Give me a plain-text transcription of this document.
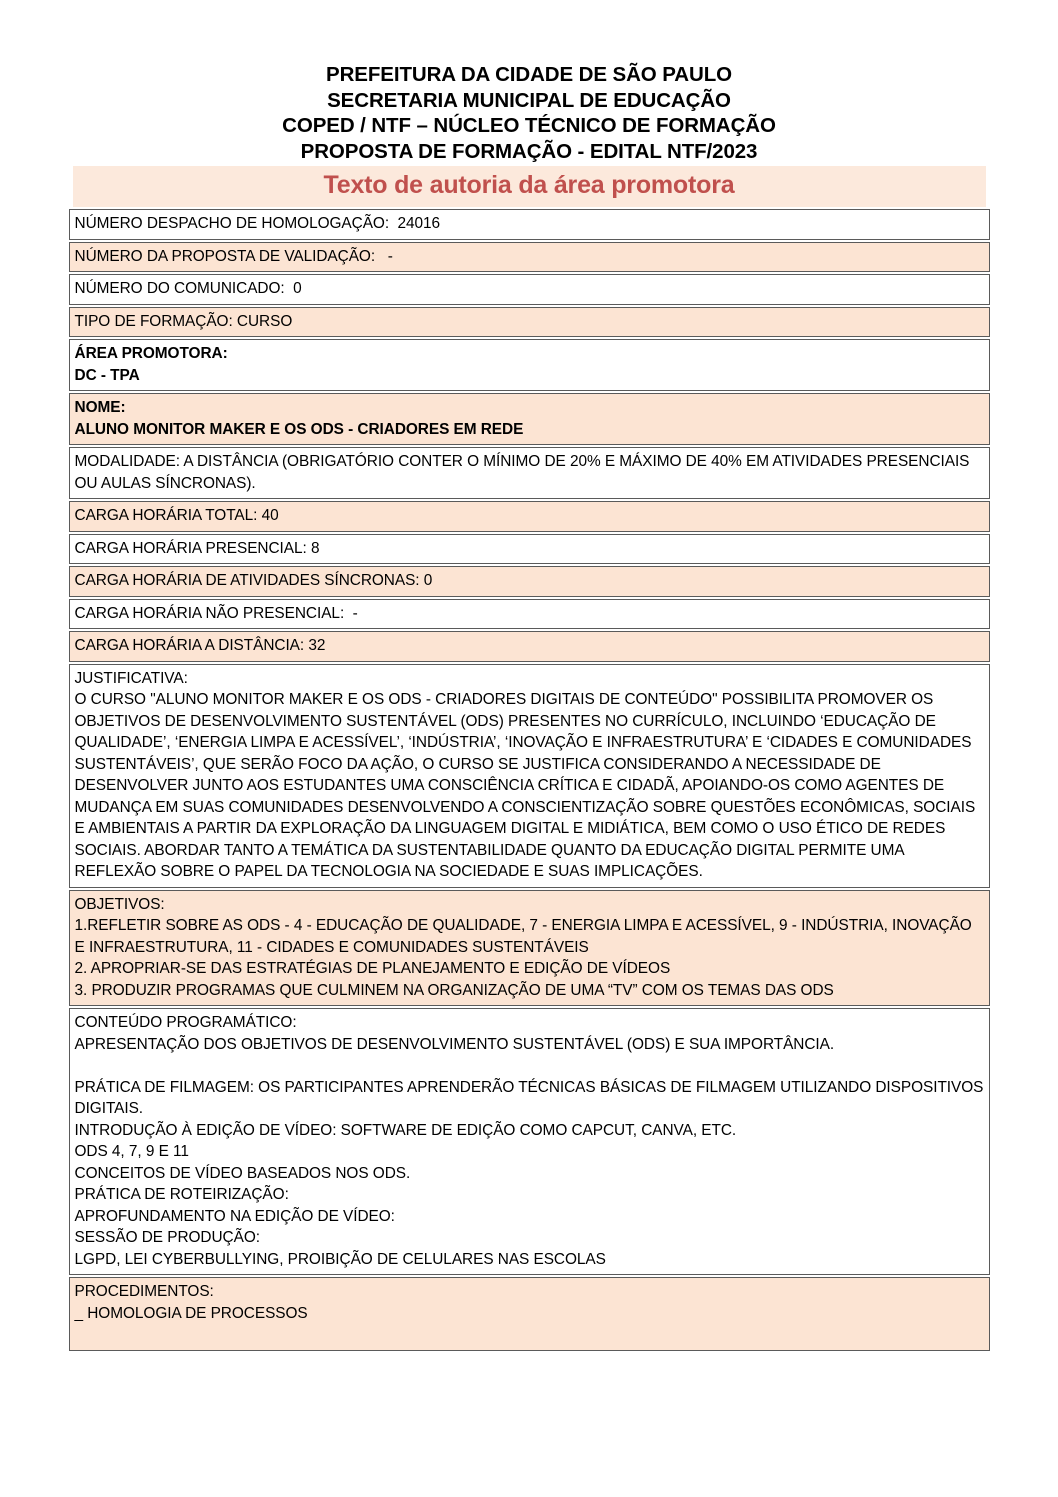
PREFEITURA DA CIDADE DE SÃO PAULO
SECRETARIA MUNICIPAL DE EDUCAÇÃO
COPED / NTF – NÚCLEO TÉCNICO DE FORMAÇÃO
PROPOSTA DE FORMAÇÃO - EDITAL NTF/2023
Texto de autoria da área promotora
NÚMERO DESPACHO DE HOMOLOGAÇÃO:  24016

NÚMERO DA PROPOSTA DE VALIDAÇÃO:   -

NÚMERO DO COMUNICADO:  0

TIPO DE FORMAÇÃO: CURSO

ÁREA PROMOTORA:
DC - TPA

NOME:
ALUNO MONITOR MAKER E OS ODS - CRIADORES EM REDE

MODALIDADE: A DISTÂNCIA (OBRIGATÓRIO CONTER O MÍNIMO DE 20% E MÁXIMO DE 40% EM ATIVIDADES PRESENCIAIS OU AULAS SÍNCRONAS).

CARGA HORÁRIA TOTAL: 40

CARGA HORÁRIA PRESENCIAL: 8

CARGA HORÁRIA DE ATIVIDADES SÍNCRONAS: 0

CARGA HORÁRIA NÃO PRESENCIAL:  -

CARGA HORÁRIA A DISTÂNCIA: 32

JUSTIFICATIVA:
O CURSO "ALUNO MONITOR MAKER E OS ODS - CRIADORES DIGITAIS DE CONTEÚDO" POSSIBILITA PROMOVER OS OBJETIVOS DE DESENVOLVIMENTO SUSTENTÁVEL (ODS) PRESENTES NO CURRÍCULO, INCLUINDO ‘EDUCAÇÃO DE QUALIDADE’, ‘ENERGIA LIMPA E ACESSÍVEL’, ‘INDÚSTRIA’, ‘INOVAÇÃO E INFRAESTRUTURA’ E ‘CIDADES E COMUNIDADES SUSTENTÁVEIS’, QUE SERÃO FOCO DA AÇÃO, O CURSO SE JUSTIFICA CONSIDERANDO A NECESSIDADE DE DESENVOLVER JUNTO AOS ESTUDANTES UMA CONSCIÊNCIA CRÍTICA E CIDADÃ, APOIANDO-OS COMO AGENTES DE MUDANÇA EM SUAS COMUNIDADES DESENVOLVENDO A CONSCIENTIZAÇÃO SOBRE QUESTÕES ECONÔMICAS, SOCIAIS E AMBIENTAIS A PARTIR DA EXPLORAÇÃO DA LINGUAGEM DIGITAL E MIDIÁTICA, BEM COMO O USO ÉTICO DE REDES SOCIAIS. ABORDAR TANTO A TEMÁTICA DA SUSTENTABILIDADE QUANTO DA EDUCAÇÃO DIGITAL PERMITE UMA REFLEXÃO SOBRE O PAPEL DA TECNOLOGIA NA SOCIEDADE E SUAS IMPLICAÇÕES.

OBJETIVOS:
1.REFLETIR SOBRE AS ODS - 4 - EDUCAÇÃO DE QUALIDADE, 7 - ENERGIA LIMPA E ACESSÍVEL, 9 - INDÚSTRIA, INOVAÇÃO E INFRAESTRUTURA, 11 - CIDADES E COMUNIDADES SUSTENTÁVEIS
2. APROPRIAR-SE DAS ESTRATÉGIAS DE PLANEJAMENTO E EDIÇÃO DE VÍDEOS
3. PRODUZIR PROGRAMAS QUE CULMINEM NA ORGANIZAÇÃO DE UMA “TV” COM OS TEMAS DAS ODS

CONTEÚDO PROGRAMÁTICO:
APRESENTAÇÃO DOS OBJETIVOS DE DESENVOLVIMENTO SUSTENTÁVEL (ODS) E SUA IMPORTÂNCIA.
PRÁTICA DE FILMAGEM: OS PARTICIPANTES APRENDERÃO TÉCNICAS BÁSICAS DE FILMAGEM UTILIZANDO DISPOSITIVOS DIGITAIS.
INTRODUÇÃO À EDIÇÃO DE VÍDEO: SOFTWARE DE EDIÇÃO COMO CAPCUT, CANVA, ETC.
ODS 4, 7, 9 E 11
CONCEITOS DE VÍDEO BASEADOS NOS ODS.
PRÁTICA DE ROTEIRIZAÇÃO:
APROFUNDAMENTO NA EDIÇÃO DE VÍDEO:
SESSÃO DE PRODUÇÃO:
LGPD, LEI CYBERBULLYING, PROIBIÇÃO DE CELULARES NAS ESCOLAS

PROCEDIMENTOS:
_ HOMOLOGIA DE PROCESSOS
